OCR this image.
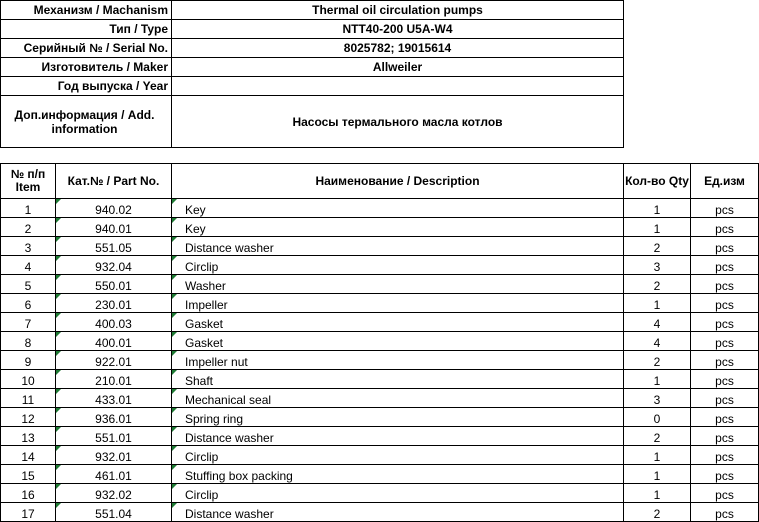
Механизм / Machanism	Thermal oil circulation pumps
Тип / Type	NTT40-200 U5A-W4
Серийный № / Serial No.	8025782; 19015614
Изготовитель / Maker	Allweiler
Год выпуска / Year	
Доп.информация / Add. information	Насосы термального масла котлов
№ п/п Item	Кат.№ / Part No.	Наименование / Description	Кол-во Qty	Ед.изм
1	940.02	Key	1	pcs
2	940.01	Key	1	pcs
3	551.05	Distance washer	2	pcs
4	932.04	Circlip	3	pcs
5	550.01	Washer	2	pcs
6	230.01	Impeller	1	pcs
7	400.03	Gasket	4	pcs
8	400.01	Gasket	4	pcs
9	922.01	Impeller nut	2	pcs
10	210.01	Shaft	1	pcs
11	433.01	Mechanical seal	3	pcs
12	936.01	Spring ring	0	pcs
13	551.01	Distance washer	2	pcs
14	932.01	Circlip	1	pcs
15	461.01	Stuffing box packing	1	pcs
16	932.02	Circlip	1	pcs
17	551.04	Distance washer	2	pcs
